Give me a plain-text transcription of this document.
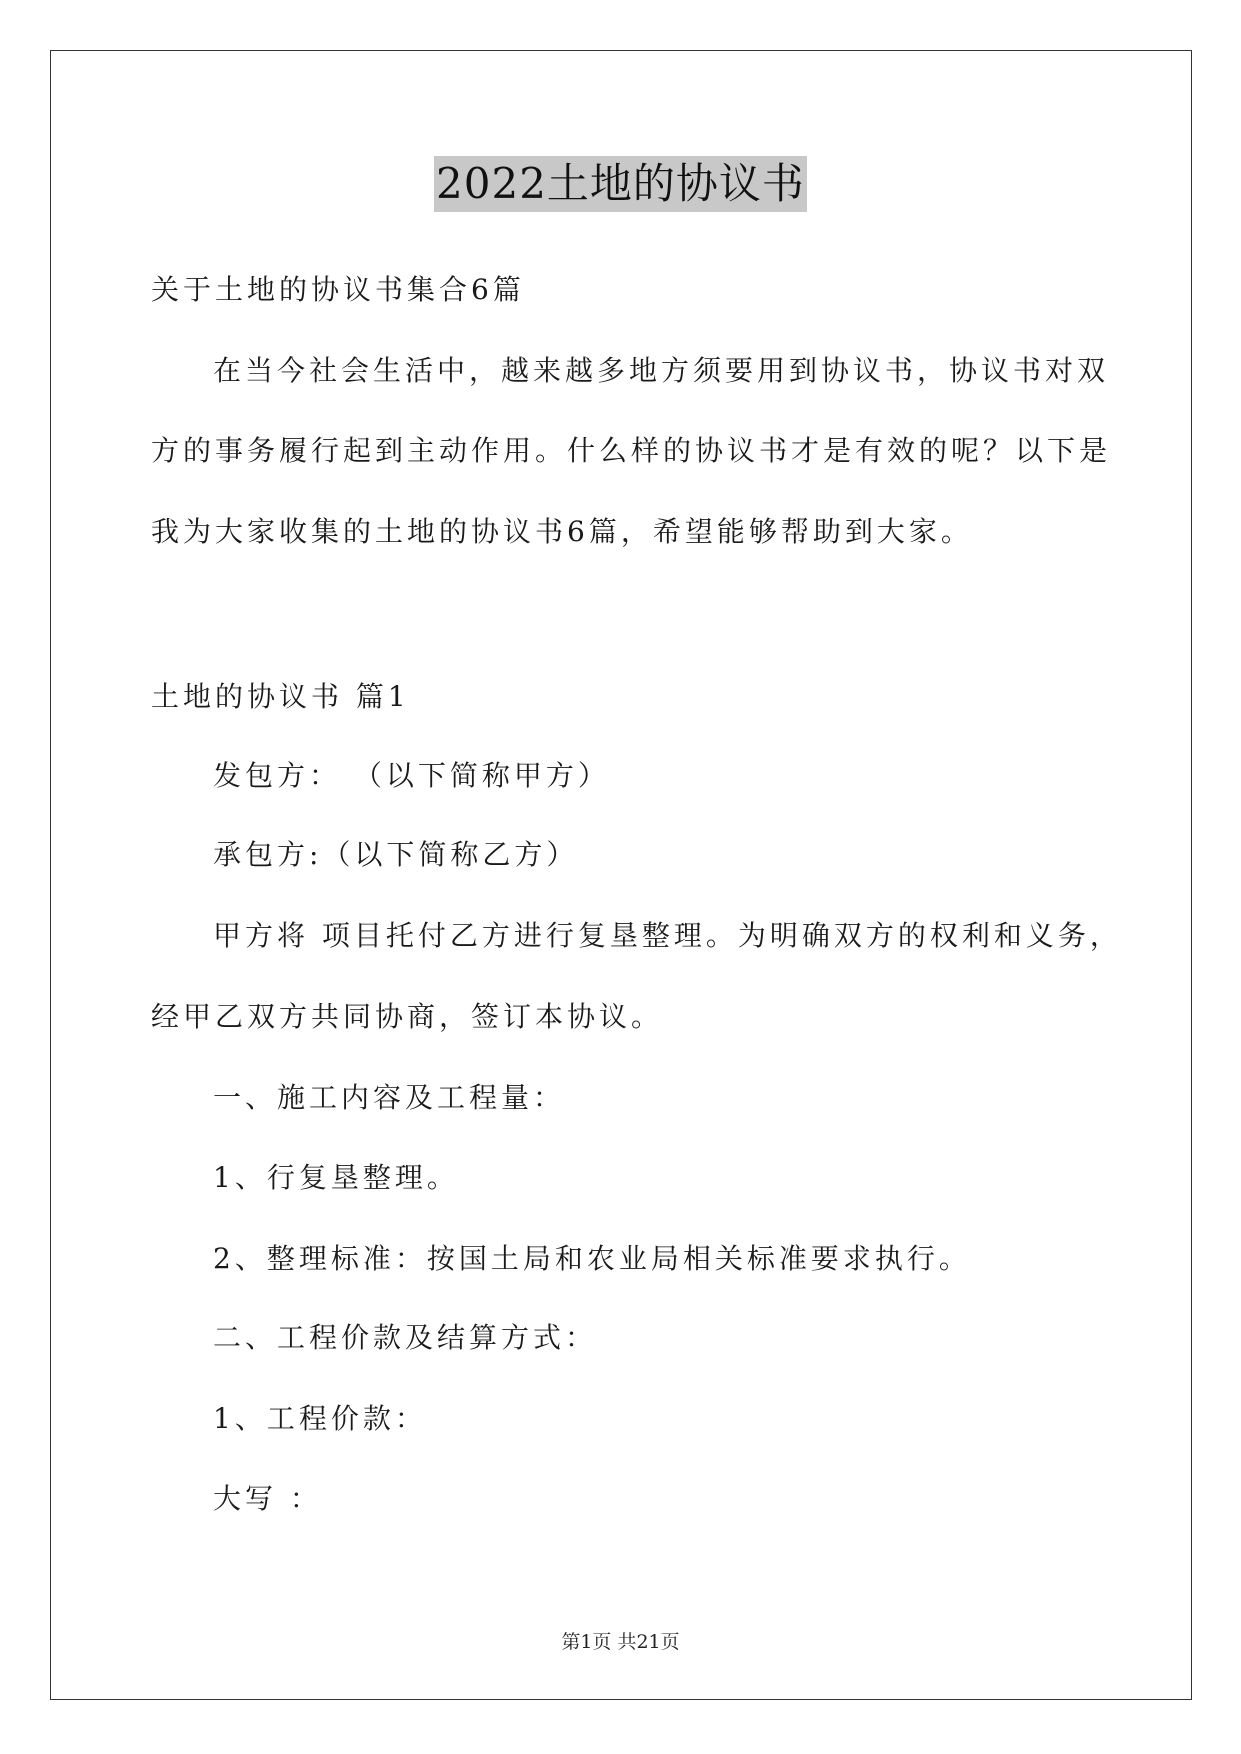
2022土地的协议书
关于土地的协议书集合6篇
在当今社会生活中，越来越多地方须要用到协议书，协议书对双
方的事务履行起到主动作用。什么样的协议书才是有效的呢？以下是
我为大家收集的土地的协议书6篇，希望能够帮助到大家。
土地的协议书 篇1
发包方： （以下简称甲方）
承包方:（以下简称乙方）
甲方将 项目托付乙方进行复垦整理。为明确双方的权利和义务，
经甲乙双方共同协商，签订本协议。
一、施工内容及工程量：
1、行复垦整理。
2、整理标准：按国土局和农业局相关标准要求执行。
二、工程价款及结算方式：
1、工程价款：
大写 ：
第1页 共21页
